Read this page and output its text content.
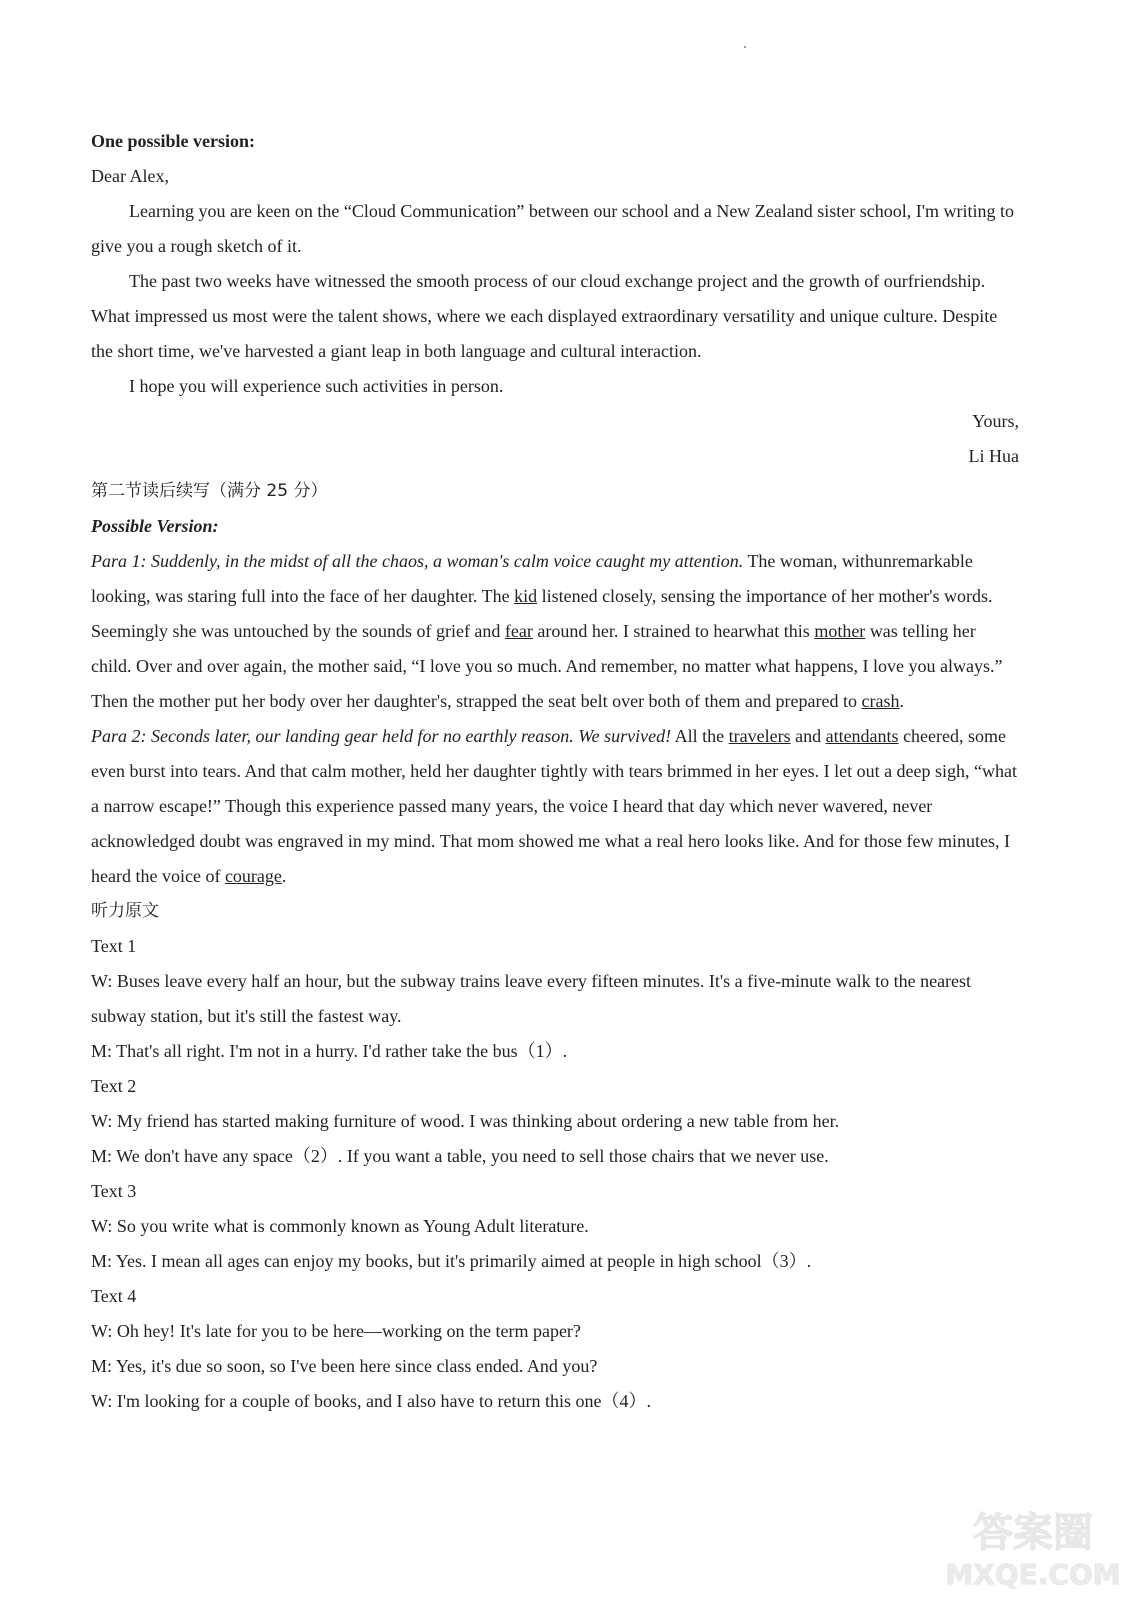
One possible version:
Dear Alex,
Learning you are keen on the “Cloud Communication” between our school and a New Zealand sister school, I'm writing to give you a rough sketch of it.
The past two weeks have witnessed the smooth process of our cloud exchange project and the growth of ourfriendship. What impressed us most were the talent shows, where we each displayed extraordinary versatility and unique culture. Despite the short time, we've harvested a giant leap in both language and cultural interaction.
I hope you will experience such activities in person.
Yours,
Li Hua
第二节读后续写（满分 25 分）
Possible Version:
Para 1: Suddenly, in the midst of all the chaos, a woman's calm voice caught my attention. The woman, withunremarkable looking, was staring full into the face of her daughter. The kid listened closely, sensing the importance of her mother's words. Seemingly she was untouched by the sounds of grief and fear around her. I strained to hearwhat this mother was telling her child. Over and over again, the mother said, “I love you so much. And remember, no matter what happens, I love you always.” Then the mother put her body over her daughter's, strapped the seat belt over both of them and prepared to crash.
Para 2: Seconds later, our landing gear held for no earthly reason. We survived! All the travelers and attendants cheered, some even burst into tears. And that calm mother, held her daughter tightly with tears brimmed in her eyes. I let out a deep sigh, “what a narrow escape!” Though this experience passed many years, the voice I heard that day which never wavered, never acknowledged doubt was engraved in my mind. That mom showed me what a real hero looks like. And for those few minutes, I heard the voice of courage.
听力原文
Text 1
W: Buses leave every half an hour, but the subway trains leave every fifteen minutes. It's a five-minute walk to the nearest subway station, but it's still the fastest way.
M: That's all right. I'm not in a hurry. I'd rather take the bus（1）.
Text 2
W: My friend has started making furniture of wood. I was thinking about ordering a new table from her.
M: We don't have any space（2）. If you want a table, you need to sell those chairs that we never use.
Text 3
W: So you write what is commonly known as Young Adult literature.
M: Yes. I mean all ages can enjoy my books, but it's primarily aimed at people in high school（3）.
Text 4
W: Oh hey! It's late for you to be here—working on the term paper?
M: Yes, it's due so soon, so I've been here since class ended. And you?
W: I'm looking for a couple of books, and I also have to return this one（4）.
答案圈
MXQE.COM
